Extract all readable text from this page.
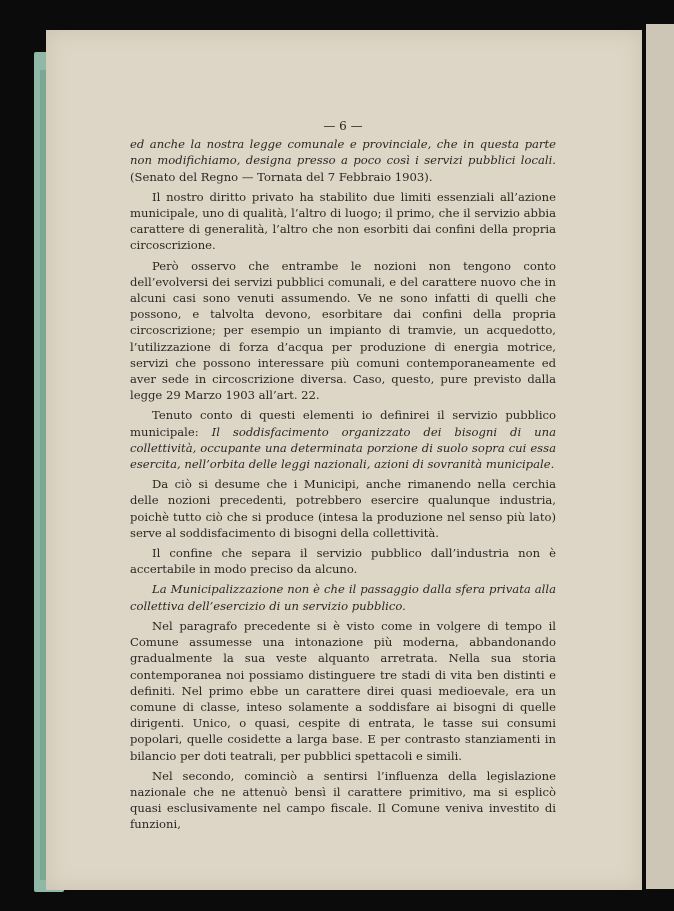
— 6 —

ed anche la nostra legge comunale e provinciale, che in questa parte non modifichiamo, designa presso a poco così i servizi pubblici locali. (Senato del Regno — Tornata del 7 Febbraio 1903).

Il nostro diritto privato ha stabilito due limiti essenziali all’azione municipale, uno di qualità, l’altro di luogo; il primo, che il servizio abbia carattere di generalità, l’altro che non esorbiti dai confini della propria circoscrizione.

Però osservo che entrambe le nozioni non tengono conto dell’evolversi dei servizi pubblici comunali, e del carattere nuovo che in alcuni casi sono venuti assumendo. Ve ne sono infatti di quelli che possono, e talvolta devono, esorbitare dai confini della propria circoscrizione; per esempio un impianto di tramvie, un acquedotto, l’utilizzazione di forza d’acqua per produzione di energia motrice, servizi che possono interessare più comuni contemporaneamente ed aver sede in circoscrizione diversa. Caso, questo, pure previsto dalla legge 29 Marzo 1903 all’art. 22.

Tenuto conto di questi elementi io definirei il servizio pubblico municipale: Il soddisfacimento organizzato dei bisogni di una collettività, occupante una determinata porzione di suolo sopra cui essa esercita, nell’orbita delle leggi nazionali, azioni di sovranità municipale.

Da ciò si desume che i Municipi, anche rimanendo nella cerchia delle nozioni precedenti, potrebbero esercire qualunque industria, poichè tutto ciò che si produce (intesa la produzione nel senso più lato) serve al soddisfacimento di bisogni della collettività.

Il confine che separa il servizio pubblico dall’industria non è accertabile in modo preciso da alcuno.

La Municipalizzazione non è che il passaggio dalla sfera privata alla collettiva dell’esercizio di un servizio pubblico.

Nel paragrafo precedente si è visto come in volgere di tempo il Comune assumesse una intonazione più moderna, abbandonando gradualmente la sua veste alquanto arretrata. Nella sua storia contemporanea noi possiamo distinguere tre stadi di vita ben distinti e definiti. Nel primo ebbe un carattere direi quasi medioevale, era un comune di classe, inteso solamente a soddisfare ai bisogni di quelle dirigenti. Unico, o quasi, cespite di entrata, le tasse sui consumi popolari, quelle cosidette a larga base. E per contrasto stanziamenti in bilancio per doti teatrali, per pubblici spettacoli e simili.

Nel secondo, cominciò a sentirsi l’influenza della legislazione nazionale che ne attenuò bensì il carattere primitivo, ma si esplicò quasi esclusivamente nel campo fiscale. Il Comune veniva investito di funzioni,
